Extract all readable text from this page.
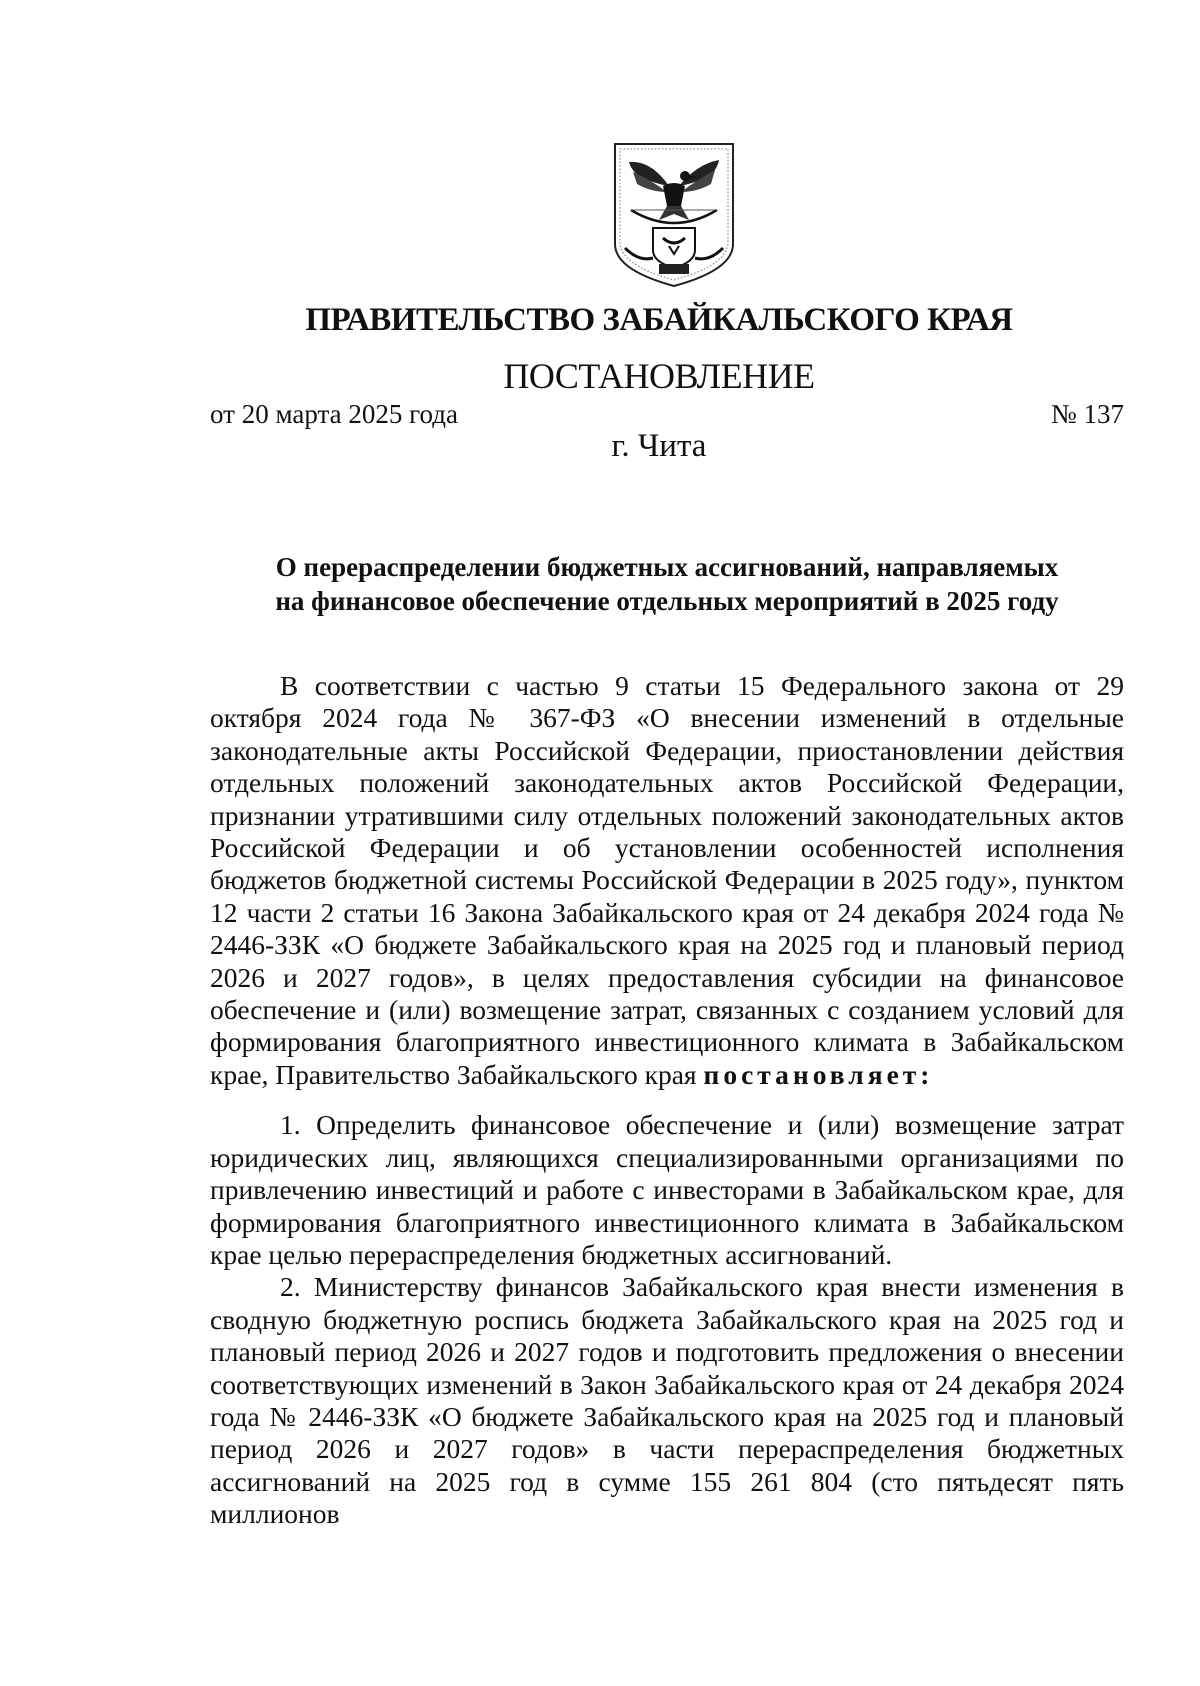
ПРАВИТЕЛЬСТВО ЗАБАЙКАЛЬСКОГО КРАЯ
ПОСТАНОВЛЕНИЕ
от 20 марта 2025 года	№ 137
г. Чита
О перераспределении бюджетных ассигнований, направляемых
на финансовое обеспечение отдельных мероприятий в 2025 году

В соответствии с частью 9 статьи 15 Федерального закона от 29 октября 2024 года № 367-ФЗ «О внесении изменений в отдельные законодательные акты Российской Федерации, приостановлении действия отдельных положений законодательных актов Российской Федерации, признании утратившими силу отдельных положений законодательных актов Российской Федерации и об установлении особенностей исполнения бюджетов бюджетной системы Российской Федерации в 2025 году», пунктом 12 части 2 статьи 16 Закона Забайкальского края от 24 декабря 2024 года № 2446-ЗЗК «О бюджете Забайкальского края на 2025 год и плановый период 2026 и 2027 годов», в целях предоставления субсидии на финансовое обеспечение и (или) возмещение затрат, связанных с созданием условий для формирования благоприятного инвестиционного климата в Забайкальском крае, Правительство Забайкальского края постановляет:

1. Определить финансовое обеспечение и (или) возмещение затрат юридических лиц, являющихся специализированными организациями по привлечению инвестиций и работе с инвесторами в Забайкальском крае, для формирования благоприятного инвестиционного климата в Забайкальском крае целью перераспределения бюджетных ассигнований.

2. Министерству финансов Забайкальского края внести изменения в сводную бюджетную роспись бюджета Забайкальского края на 2025 год и плановый период 2026 и 2027 годов и подготовить предложения о внесении соответствующих изменений в Закон Забайкальского края от 24 декабря 2024 года № 2446-ЗЗК «О бюджете Забайкальского края на 2025 год и плановый период 2026 и 2027 годов» в части перераспределения бюджетных ассигнований на 2025 год в сумме 155 261 804 (сто пятьдесят пять миллионов
